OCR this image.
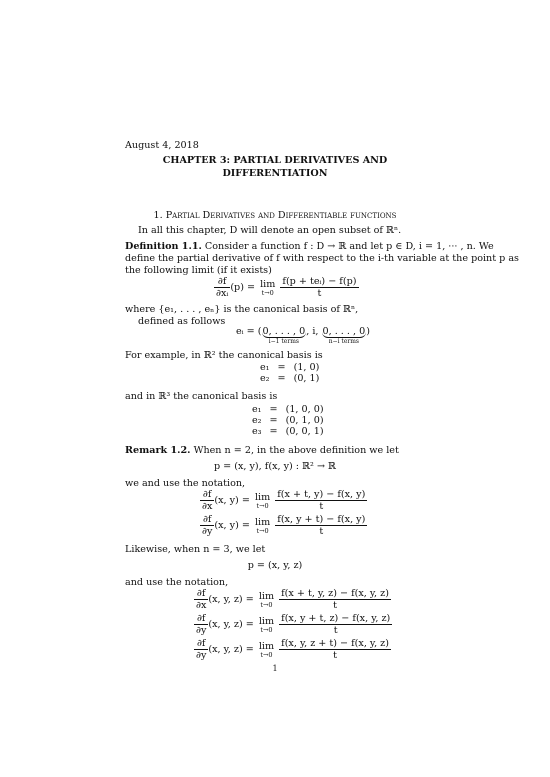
August 4, 2018
CHAPTER 3: PARTIAL DERIVATIVES AND
DIFFERENTIATION
1. Partial Derivatives and Differentiable functions
In all this chapter, D will denote an open subset of ℝⁿ.
Definition 1.1. Consider a function f : D → ℝ and let p ∈ D, i = 1, ··· , n. We
define the partial derivative of f with respect to the i-th variable at the point p as
the following limit (if it exists)
$\frac{\partial f}{\text{∂xᵢ}} (p) = \lim$
t→0
$\frac{\text{f(p + teᵢ) − f(p)}}{t}$
where {e₁, . . . , eₙ} is the canonical basis of ℝⁿ,
defined as follows
eᵢ = ( 0, . . . , 0
i−1 terms
, i, 0, . . . , 0
n−i terms
)
For example, in ℝ² the canonical basis is
e₁	=	(1, 0)
e₂	=	(0, 1)
and in ℝ³ the canonical basis is
e₁	=	(1, 0, 0)
e₂	=	(0, 1, 0)
e₃	=	(0, 0, 1)
Remark 1.2. When n = 2, in the above definition we let
p = (x, y), f(x, y) : ℝ² → ℝ
we and use the notation,
$\frac{\partial f}{\partial x} (x$, y) = lim
t→0
$\frac{f(x + t, y) - f(x, y)}{t}$
$\frac{\partial f}{\partial y} (x$, y) = lim
t→0
$\frac{f(x, y + t) - f(x, y)}{t}$
Likewise, when n = 3, we let
p = (x, y, z)
and use the notation,
$\frac{\partial f}{\partial x} (x$, y, z) = lim
t→0
$\frac{f(x + t, y, z) - f(x, y, z)}{t}$
$\frac{\partial f}{\partial y} (x$, y, z) = lim
t→0
$\frac{f(x, y + t, z) - f(x, y, z)}{t}$
$\frac{\partial f}{\partial y} (x$, y, z) = lim
t→0
$\frac{f(x, y, z + t) - f(x, y, z)}{t}$
1
